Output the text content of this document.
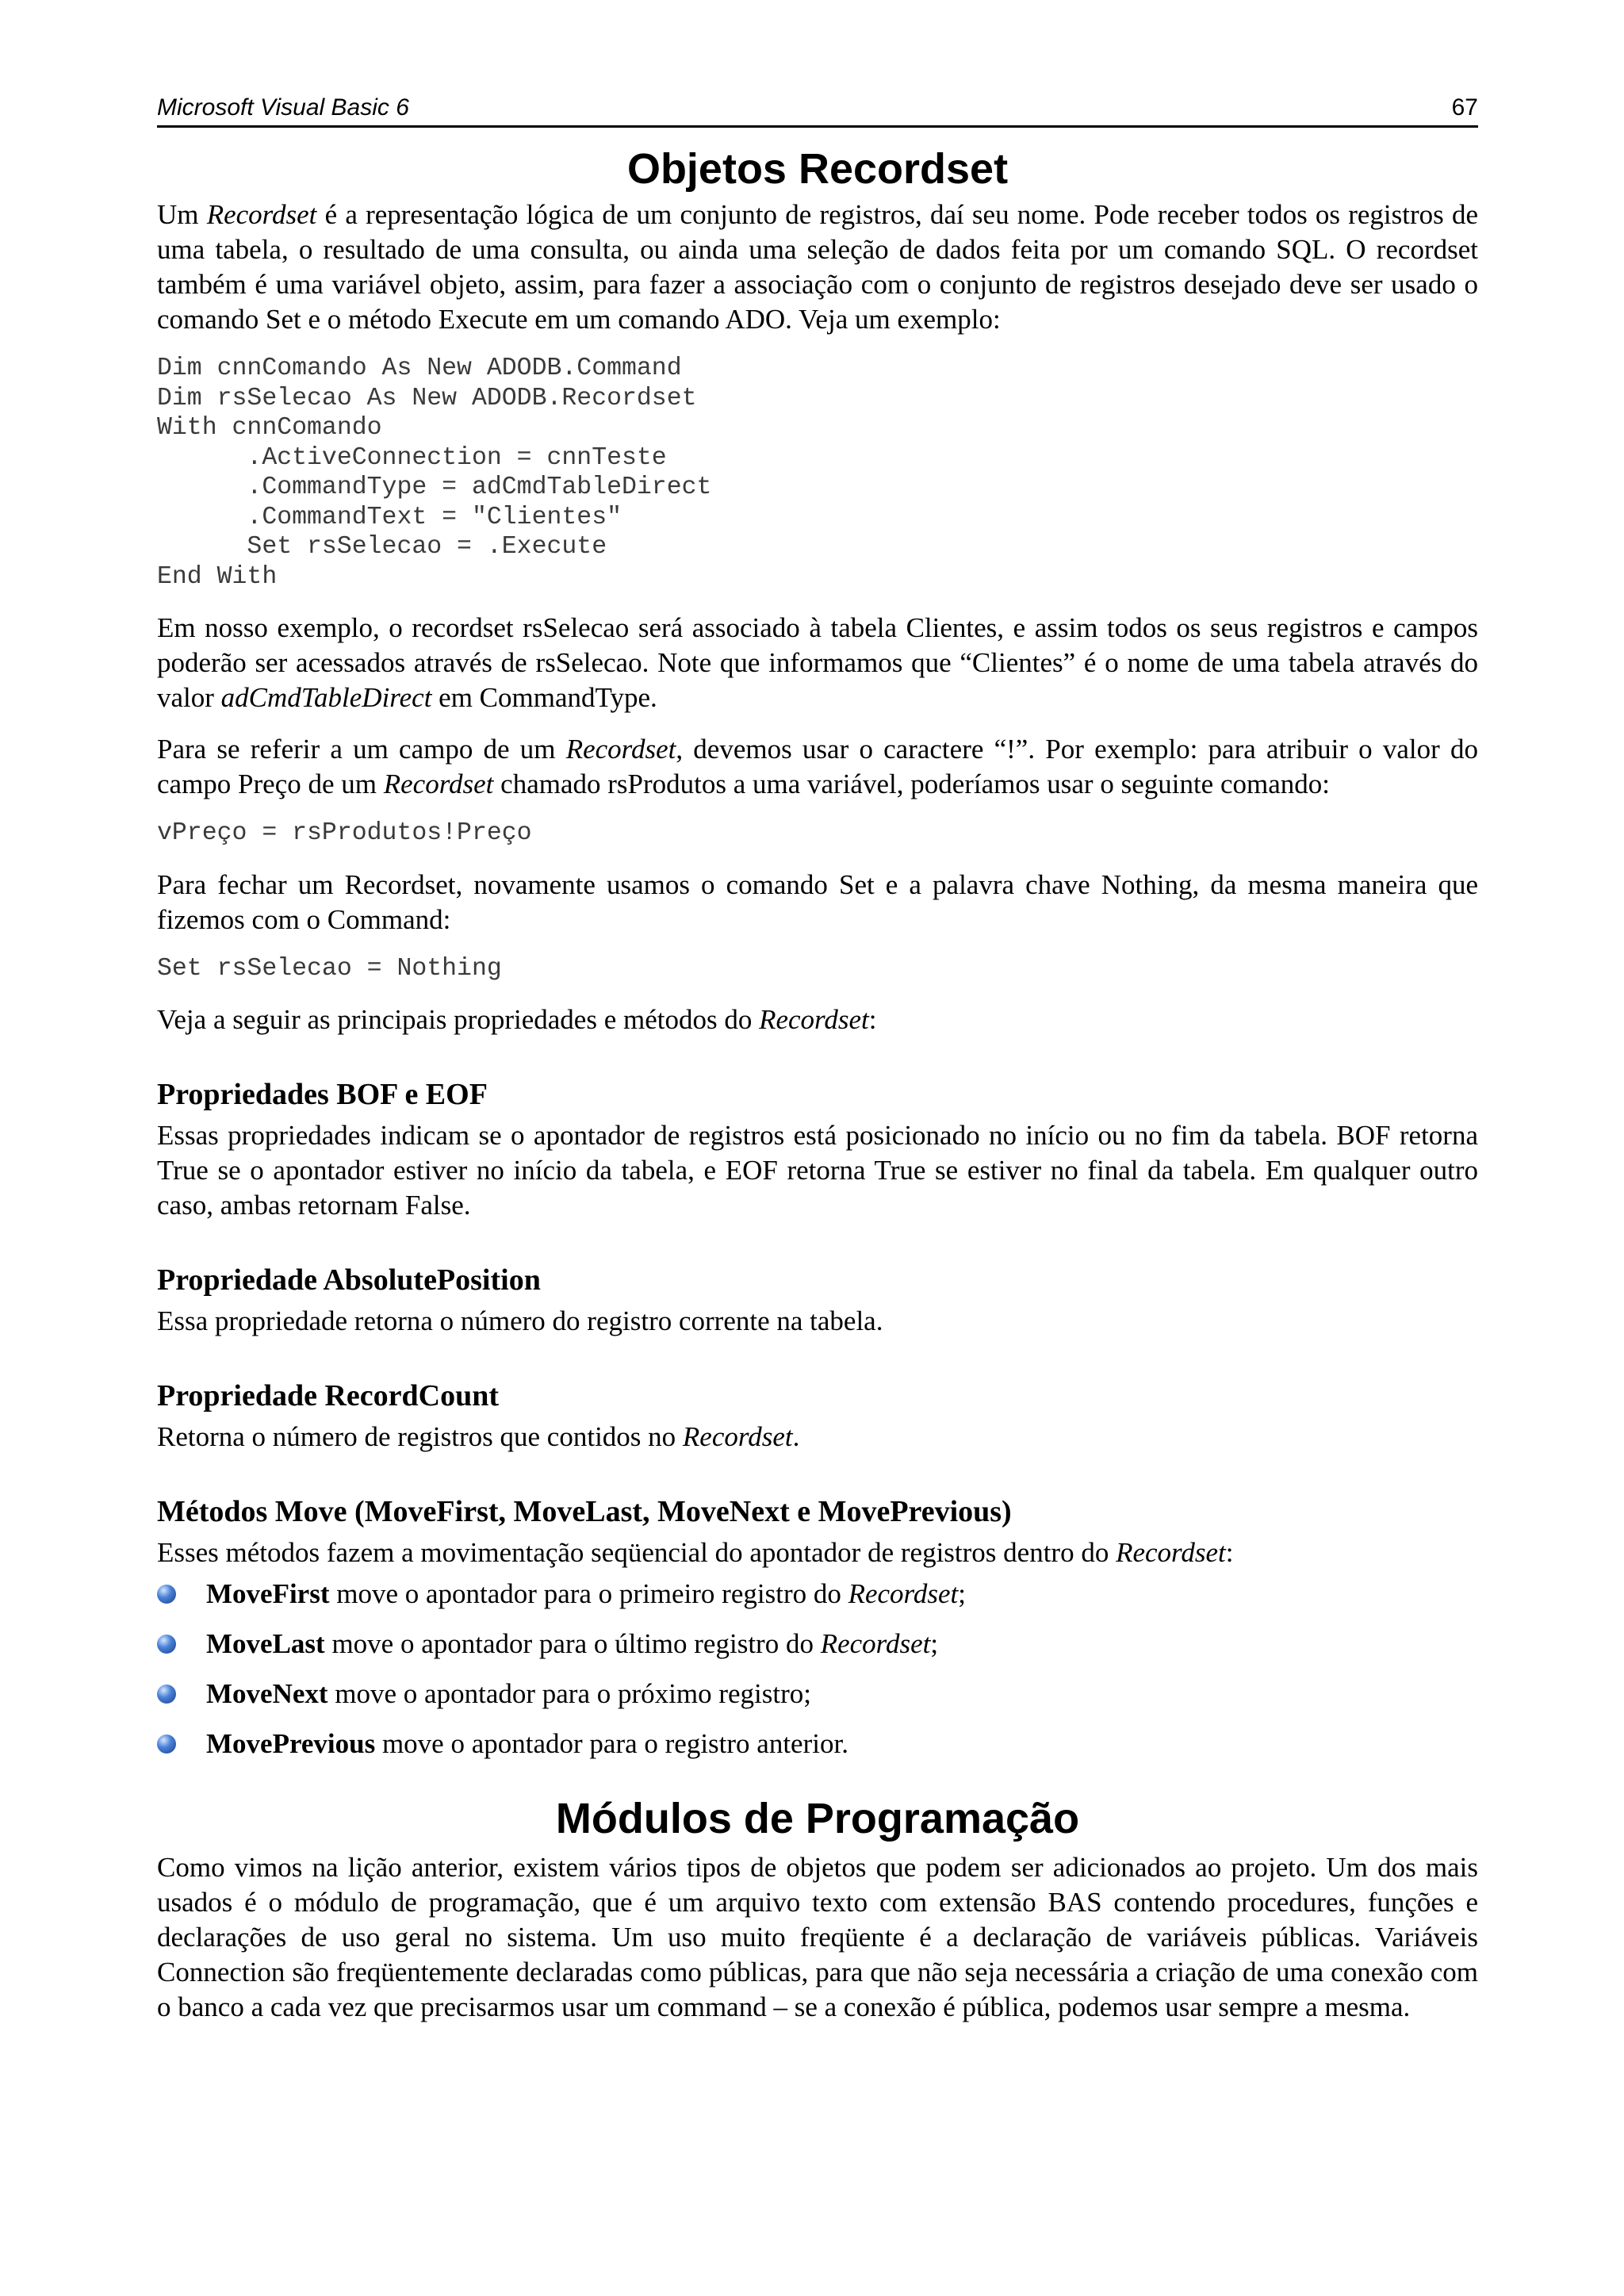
Microsoft Visual Basic 6	67
Objetos Recordset

Um Recordset é a representação lógica de um conjunto de registros, daí seu nome. Pode receber todos os registros de uma tabela, o resultado de uma consulta, ou ainda uma seleção de dados feita por um comando SQL. O recordset também é uma variável objeto, assim, para fazer a associação com o conjunto de registros desejado deve ser usado o comando Set e o método Execute em um comando ADO. Veja um exemplo:

Dim cnnComando As New ADODB.Command
Dim rsSelecao As New ADODB.Recordset
With cnnComando
.ActiveConnection = cnnTeste
.CommandType = adCmdTableDirect
.CommandText = "Clientes"
Set rsSelecao = .Execute
End With

Em nosso exemplo, o recordset rsSelecao será associado à tabela Clientes, e assim todos os seus registros e campos poderão ser acessados através de rsSelecao. Note que informamos que “Clientes” é o nome de uma tabela através do valor adCmdTableDirect em CommandType.

Para se referir a um campo de um Recordset, devemos usar o caractere “!”. Por exemplo: para atribuir o valor do campo Preço de um Recordset chamado rsProdutos a uma variável, poderíamos usar o seguinte comando:

vPreço = rsProdutos!Preço

Para fechar um Recordset, novamente usamos o comando Set e a palavra chave Nothing, da mesma maneira que fizemos com o Command:

Set rsSelecao = Nothing

Veja a seguir as principais propriedades e métodos do Recordset:

Propriedades BOF e EOF

Essas propriedades indicam se o apontador de registros está posicionado no início ou no fim da tabela. BOF retorna True se o apontador estiver no início da tabela, e EOF retorna True se estiver no final da tabela. Em qualquer outro caso, ambas retornam False.

Propriedade AbsolutePosition

Essa propriedade retorna o número do registro corrente na tabela.

Propriedade RecordCount

Retorna o número de registros que contidos no Recordset.

Métodos Move (MoveFirst, MoveLast, MoveNext e MovePrevious)

Esses métodos fazem a movimentação seqüencial do apontador de registros dentro do Recordset:

MoveFirst move o apontador para o primeiro registro do Recordset;
MoveLast move o apontador para o último registro do Recordset;
MoveNext move o apontador para o próximo registro;
MovePrevious move o apontador para o registro anterior.
Módulos de Programação

Como vimos na lição anterior, existem vários tipos de objetos que podem ser adicionados ao projeto. Um dos mais usados é o módulo de programação, que é um arquivo texto com extensão BAS contendo procedures, funções e declarações de uso geral no sistema. Um uso muito freqüente é a declaração de variáveis públicas. Variáveis Connection são freqüentemente declaradas como públicas, para que não seja necessária a criação de uma conexão com o banco a cada vez que precisarmos usar um command – se a conexão é pública, podemos usar sempre a mesma.
